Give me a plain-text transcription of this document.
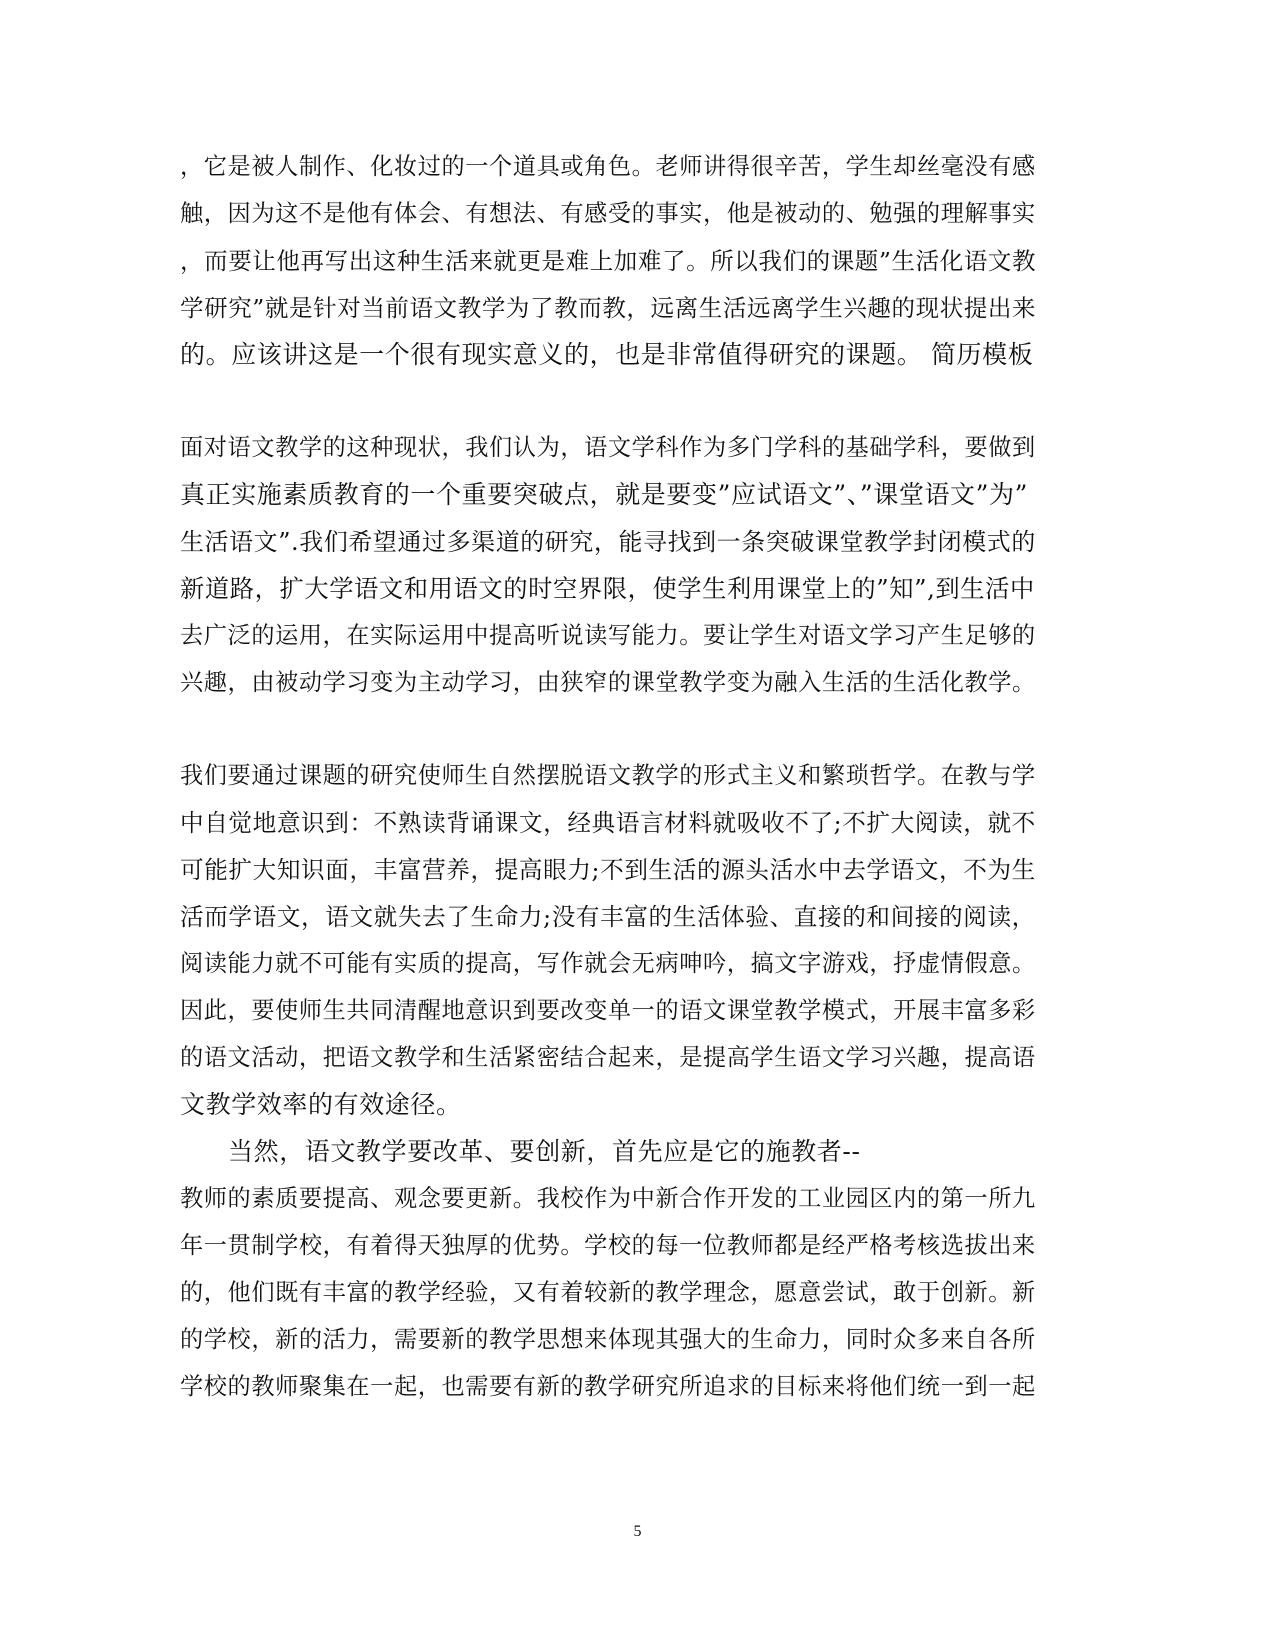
，它是被人制作、化妆过的一个道具或角色。老师讲得很辛苦，学生却丝毫没有感
触，因为这不是他有体会、有想法、有感受的事实，他是被动的、勉强的理解事实
，而要让他再写出这种生活来就更是难上加难了。所以我们的课题”生活化语文教
学研究”就是针对当前语文教学为了教而教，远离生活远离学生兴趣的现状提出来
的。应该讲这是一个很有现实意义的，也是非常值得研究的课题。 简历模板
面对语文教学的这种现状，我们认为，语文学科作为多门学科的基础学科，要做到
真正实施素质教育的一个重要突破点，就是要变”应试语文”、”课堂语文”为”
生活语文”.我们希望通过多渠道的研究，能寻找到一条突破课堂教学封闭模式的
新道路，扩大学语文和用语文的时空界限，使学生利用课堂上的”知”,到生活中
去广泛的运用，在实际运用中提高听说读写能力。要让学生对语文学习产生足够的
兴趣，由被动学习变为主动学习，由狭窄的课堂教学变为融入生活的生活化教学。
我们要通过课题的研究使师生自然摆脱语文教学的形式主义和繁琐哲学。在教与学
中自觉地意识到：不熟读背诵课文，经典语言材料就吸收不了;不扩大阅读，就不
可能扩大知识面，丰富营养，提高眼力;不到生活的源头活水中去学语文，不为生
活而学语文，语文就失去了生命力;没有丰富的生活体验、直接的和间接的阅读，
阅读能力就不可能有实质的提高，写作就会无病呻吟，搞文字游戏，抒虚情假意。
因此，要使师生共同清醒地意识到要改变单一的语文课堂教学模式，开展丰富多彩
的语文活动，把语文教学和生活紧密结合起来，是提高学生语文学习兴趣，提高语
文教学效率的有效途径。
当然，语文教学要改革、要创新，首先应是它的施教者--
教师的素质要提高、观念要更新。我校作为中新合作开发的工业园区内的第一所九
年一贯制学校，有着得天独厚的优势。学校的每一位教师都是经严格考核选拔出来
的，他们既有丰富的教学经验，又有着较新的教学理念，愿意尝试，敢于创新。新
的学校，新的活力，需要新的教学思想来体现其强大的生命力，同时众多来自各所
学校的教师聚集在一起，也需要有新的教学研究所追求的目标来将他们统一到一起
5
